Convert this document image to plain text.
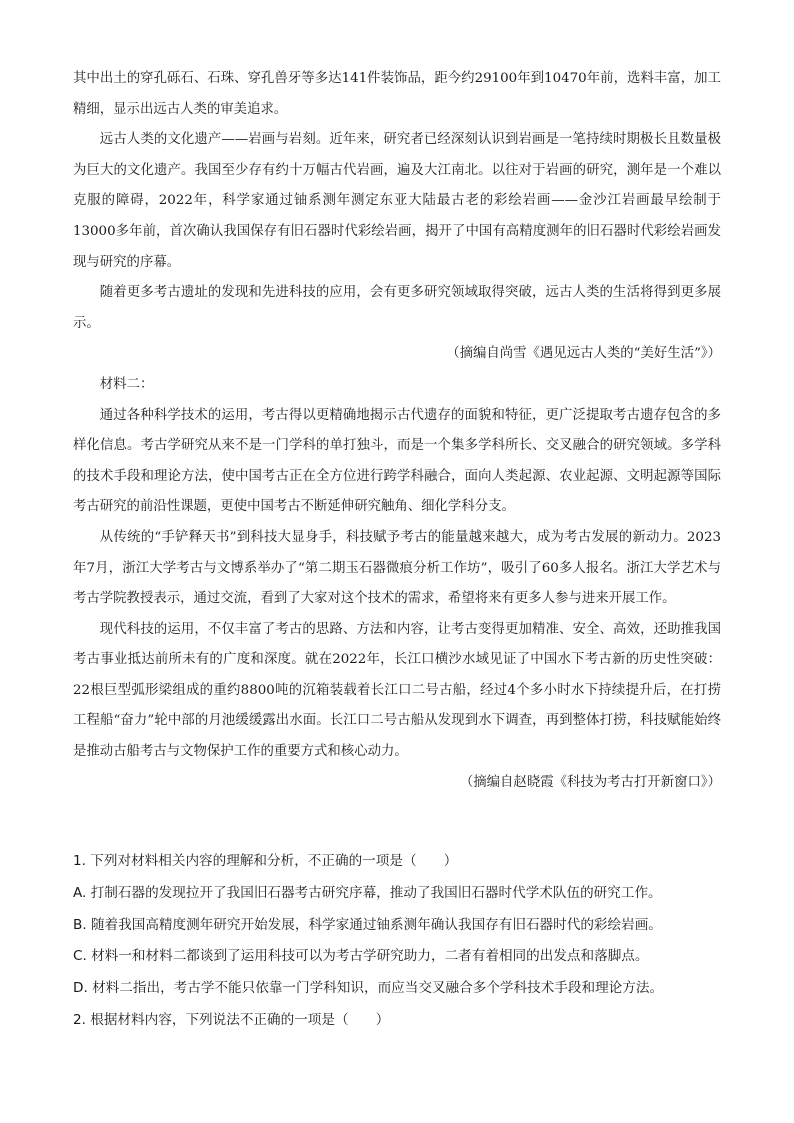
其中出土的穿孔砾石、石珠、穿孔兽牙等多达141件装饰品，距今约29100年到10470年前，选料丰富，加工精细，显示出远古人类的审美追求。

远古人类的文化遗产——岩画与岩刻。近年来，研究者已经深刻认识到岩画是一笔持续时期极长且数量极为巨大的文化遗产。我国至少存有约十万幅古代岩画，遍及大江南北。以往对于岩画的研究，测年是一个难以克服的障碍，2022年，科学家通过铀系测年测定东亚大陆最古老的彩绘岩画——金沙江岩画最早绘制于13000多年前，首次确认我国保存有旧石器时代彩绘岩画，揭开了中国有高精度测年的旧石器时代彩绘岩画发现与研究的序幕。

随着更多考古遗址的发现和先进科技的应用，会有更多研究领域取得突破，远古人类的生活将得到更多展示。

（摘编自尚雪《遇见远古人类的“美好生活”》）

材料二：

通过各种科学技术的运用，考古得以更精确地揭示古代遗存的面貌和特征，更广泛提取考古遗存包含的多样化信息。考古学研究从来不是一门学科的单打独斗，而是一个集多学科所长、交叉融合的研究领域。多学科的技术手段和理论方法，使中国考古正在全方位进行跨学科融合，面向人类起源、农业起源、文明起源等国际考古研究的前沿性课题，更使中国考古不断延伸研究触角、细化学科分支。

从传统的“手铲释天书”到科技大显身手，科技赋予考古的能量越来越大，成为考古发展的新动力。2023年7月，浙江大学考古与文博系举办了“第二期玉石器微痕分析工作坊”，吸引了60多人报名。浙江大学艺术与考古学院教授表示，通过交流，看到了大家对这个技术的需求，希望将来有更多人参与进来开展工作。

现代科技的运用，不仅丰富了考古的思路、方法和内容，让考古变得更加精准、安全、高效，还助推我国考古事业抵达前所未有的广度和深度。就在2022年，长江口横沙水域见证了中国水下考古新的历史性突破：22根巨型弧形梁组成的重约8800吨的沉箱装载着长江口二号古船，经过4个多小时水下持续提升后，在打捞工程船“奋力”轮中部的月池缓缓露出水面。长江口二号古船从发现到水下调查，再到整体打捞，科技赋能始终是推动古船考古与文物保护工作的重要方式和核心动力。

（摘编自赵晓霞《科技为考古打开新窗口》）

1. 下列对材料相关内容的理解和分析，不正确的一项是（　　）

A. 打制石器的发现拉开了我国旧石器考古研究序幕，推动了我国旧石器时代学术队伍的研究工作。

B. 随着我国高精度测年研究开始发展，科学家通过铀系测年确认我国存有旧石器时代的彩绘岩画。

C. 材料一和材料二都谈到了运用科技可以为考古学研究助力，二者有着相同的出发点和落脚点。

D. 材料二指出，考古学不能只依靠一门学科知识，而应当交叉融合多个学科技术手段和理论方法。

2. 根据材料内容，下列说法不正确的一项是（　　）
